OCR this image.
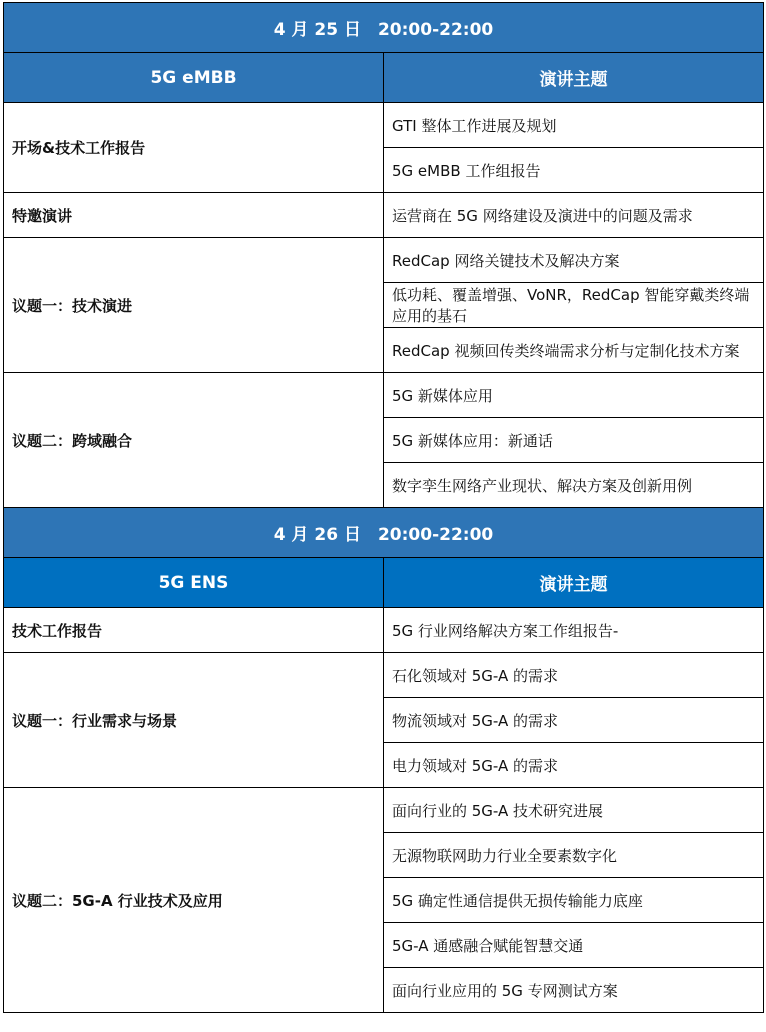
4 月 25 日　20:00-22:00	
5G eMBB	演讲主题
开场&技术工作报告	GTI 整体工作进展及规划
	5G eMBB 工作组报告
特邀演讲	运营商在 5G 网络建设及演进中的问题及需求
议题一：技术演进	RedCap 网络关键技术及解决方案
	低功耗、覆盖增强、VoNR，RedCap 智能穿戴类终端应用的基石
	RedCap 视频回传类终端需求分析与定制化技术方案
议题二：跨域融合	5G 新媒体应用
	5G 新媒体应用：新通话
	数字孪生网络产业现状、解决方案及创新用例
4 月 26 日　20:00-22:00	
5G ENS	演讲主题
技术工作报告	5G 行业网络解决方案工作组报告-
议题一：行业需求与场景	石化领域对 5G-A 的需求
	物流领域对 5G-A 的需求
	电力领域对 5G-A 的需求
议题二：5G-A 行业技术及应用	面向行业的 5G-A 技术研究进展
	无源物联网助力行业全要素数字化
	5G 确定性通信提供无损传输能力底座
	5G-A 通感融合赋能智慧交通
	面向行业应用的 5G 专网测试方案
